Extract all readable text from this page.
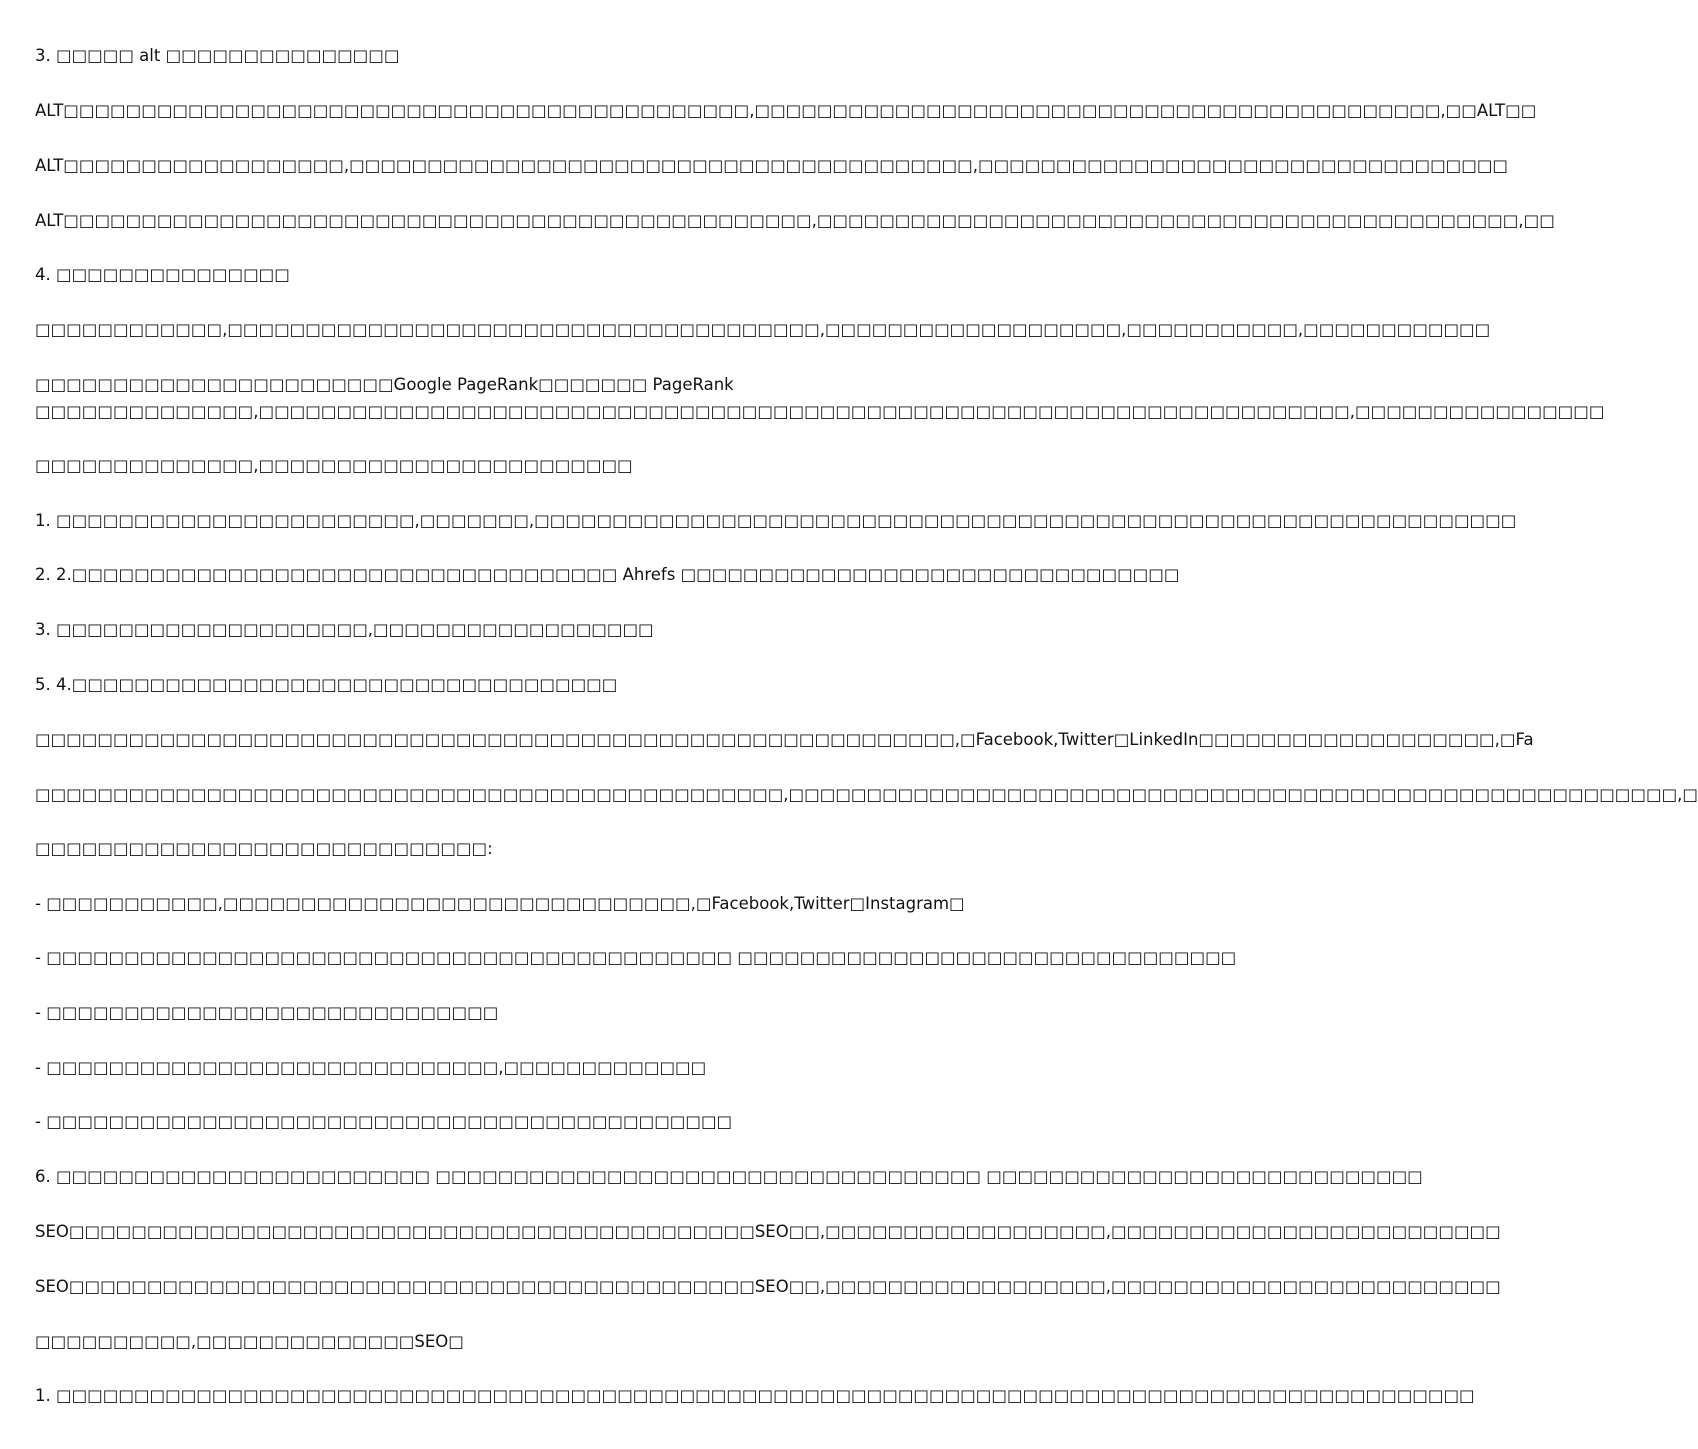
3. □□□□□ alt □□□□□□□□□□□□□□□
ALT□□□□□□□□□□□□□□□□□□□□□□□□□□□□□□□□□□□□□□□□□□□□,□□□□□□□□□□□□□□□□□□□□□□□□□□□□□□□□□□□□□□□□□□□□,□□ALT□□
ALT□□□□□□□□□□□□□□□□□□,□□□□□□□□□□□□□□□□□□□□□□□□□□□□□□□□□□□□□□□□,□□□□□□□□□□□□□□□□□□□□□□□□□□□□□□□□□□
ALT□□□□□□□□□□□□□□□□□□□□□□□□□□□□□□□□□□□□□□□□□□□□□□□□,□□□□□□□□□□□□□□□□□□□□□□□□□□□□□□□□□□□□□□□□□□□□□,□□
4. □□□□□□□□□□□□□□□
□□□□□□□□□□□□,□□□□□□□□□□□□□□□□□□□□□□□□□□□□□□□□□□□□□□,□□□□□□□□□□□□□□□□□□□,□□□□□□□□□□□,□□□□□□□□□□□□
□□□□□□□□□□□□□□□□□□□□□□□Google PageRank□□□□□□□ PageRank
□□□□□□□□□□□□□□,□□□□□□□□□□□□□□□□□□□□□□□□□□□□□□□□□□□□□□□□□□□□□□□□□□□□□□□□□□□□□□□□□□□□□□,□□□□□□□□□□□□□□□□
□□□□□□□□□□□□□□,□□□□□□□□□□□□□□□□□□□□□□□□
1. □□□□□□□□□□□□□□□□□□□□□□□,□□□□□□□,□□□□□□□□□□□□□□□□□□□□□□□□□□□□□□□□□□□□□□□□□□□□□□□□□□□□□□□□□□□□□□□
2. 2.□□□□□□□□□□□□□□□□□□□□□□□□□□□□□□□□□□□ Ahrefs □□□□□□□□□□□□□□□□□□□□□□□□□□□□□□□□
3. □□□□□□□□□□□□□□□□□□□□,□□□□□□□□□□□□□□□□□□
5. 4.□□□□□□□□□□□□□□□□□□□□□□□□□□□□□□□□□□□
□□□□□□□□□□□□□□□□□□□□□□□□□□□□□□□□□□□□□□□□□□□□□□□□□□□□□□□□□□□,□Facebook,Twitter□LinkedIn□□□□□□□□□□□□□□□□□□□,□Fa
□□□□□□□□□□□□□□□□□□□□□□□□□□□□□□□□□□□□□□□□□□□□□□□□,□□□□□□□□□□□□□□□□□□□□□□□□□□□□□□□□□□□□□□□□□□□□□□□□□□□□□□□□□,□
□□□□□□□□□□□□□□□□□□□□□□□□□□□□□:
- □□□□□□□□□□□,□□□□□□□□□□□□□□□□□□□□□□□□□□□□□□,□Facebook,Twitter□Instagram□
- □□□□□□□□□□□□□□□□□□□□□□□□□□□□□□□□□□□□□□□□□□□□ □□□□□□□□□□□□□□□□□□□□□□□□□□□□□□□□
- □□□□□□□□□□□□□□□□□□□□□□□□□□□□□
- □□□□□□□□□□□□□□□□□□□□□□□□□□□□□,□□□□□□□□□□□□□
- □□□□□□□□□□□□□□□□□□□□□□□□□□□□□□□□□□□□□□□□□□□□
6. □□□□□□□□□□□□□□□□□□□□□□□□ □□□□□□□□□□□□□□□□□□□□□□□□□□□□□□□□□□□ □□□□□□□□□□□□□□□□□□□□□□□□□□□□
SEO□□□□□□□□□□□□□□□□□□□□□□□□□□□□□□□□□□□□□□□□□□□□SEO□□,□□□□□□□□□□□□□□□□□□,□□□□□□□□□□□□□□□□□□□□□□□□□
SEO□□□□□□□□□□□□□□□□□□□□□□□□□□□□□□□□□□□□□□□□□□□□SEO□□,□□□□□□□□□□□□□□□□□□,□□□□□□□□□□□□□□□□□□□□□□□□□
□□□□□□□□□□,□□□□□□□□□□□□□□SEO□
1. □□□□□□□□□□□□□□□□□□□□□□□□□□□□□□□□□□□□□□□□□□□□□□□□□□□□□□□□□□□□□□□□□□□□□□□□□□□□□□□□□□□□□□□□□□□
